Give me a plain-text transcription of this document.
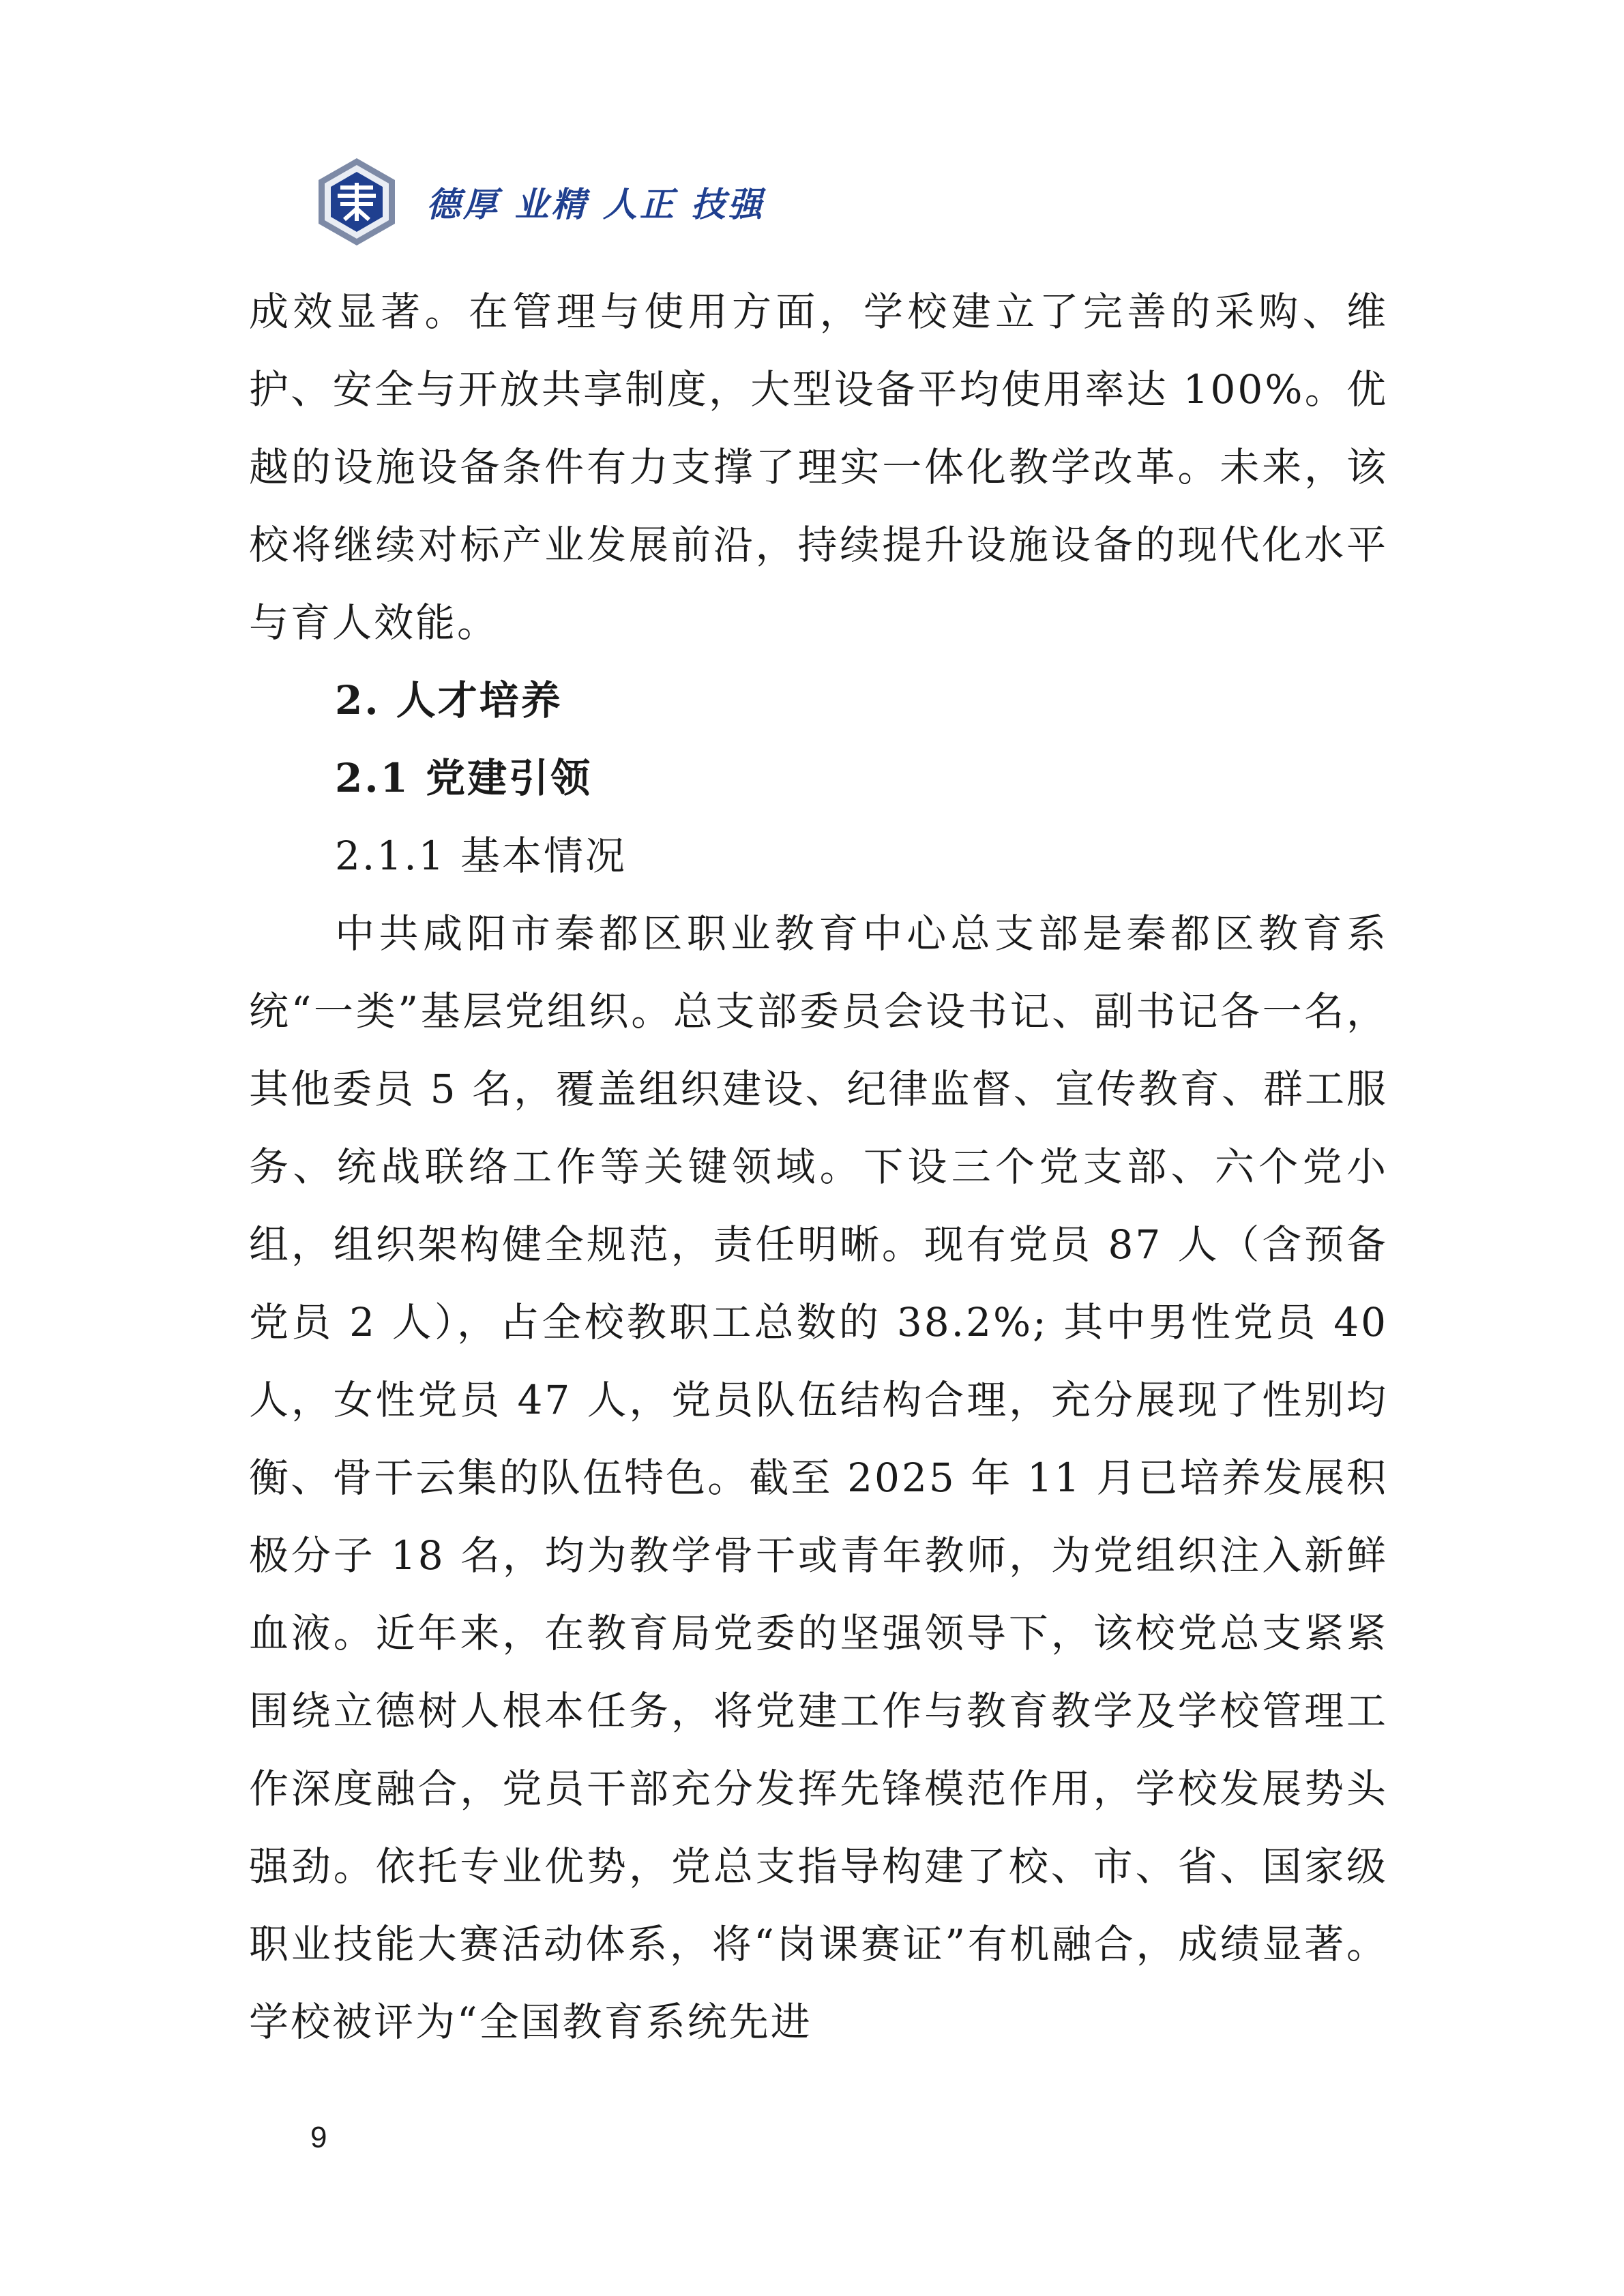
德厚 业精 人正 技强

成效显著。在管理与使用方面，学校建立了完善的采购、维护、安全与开放共享制度，大型设备平均使用率达 100%。优越的设施设备条件有力支撑了理实一体化教学改革。未来，该校将继续对标产业发展前沿，持续提升设施设备的现代化水平与育人效能。

2. 人才培养

2.1 党建引领

2.1.1 基本情况

中共咸阳市秦都区职业教育中心总支部是秦都区教育系统“一类”基层党组织。总支部委员会设书记、副书记各一名，其他委员 5 名，覆盖组织建设、纪律监督、宣传教育、群工服务、统战联络工作等关键领域。下设三个党支部、六个党小组，组织架构健全规范，责任明晰。现有党员 87 人（含预备党员 2 人），占全校教职工总数的 38.2%; 其中男性党员 40 人，女性党员 47 人，党员队伍结构合理，充分展现了性别均衡、骨干云集的队伍特色。截至 2025 年 11 月已培养发展积极分子 18 名，均为教学骨干或青年教师，为党组织注入新鲜血液。近年来，在教育局党委的坚强领导下，该校党总支紧紧围绕立德树人根本任务，将党建工作与教育教学及学校管理工作深度融合，党员干部充分发挥先锋模范作用，学校发展势头强劲。依托专业优势，党总支指导构建了校、市、省、国家级职业技能大赛活动体系，将“岗课赛证”有机融合，成绩显著。学校被评为“全国教育系统先进

9
